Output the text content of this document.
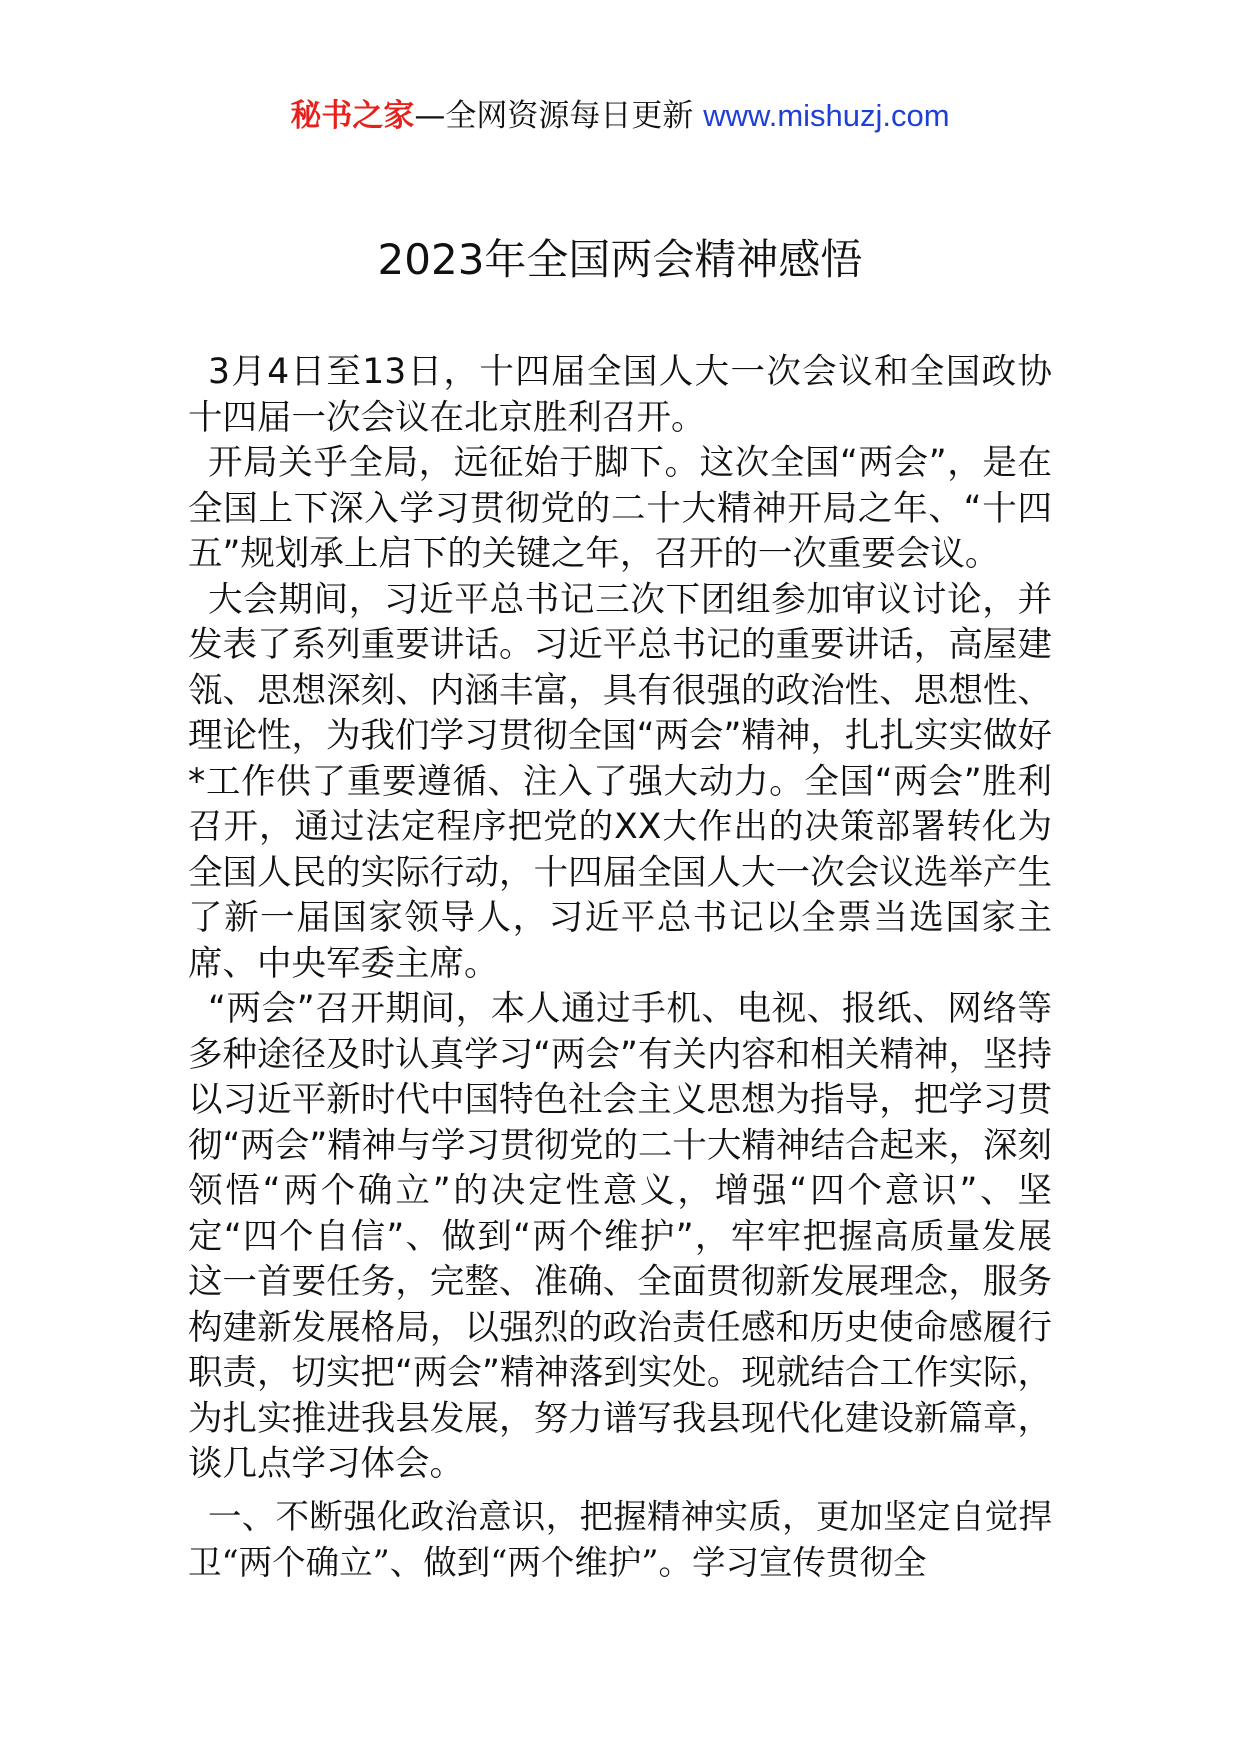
秘书之家—全网资源每日更新 www.mishuzj.com
2023年全国两会精神感悟

3月4日至13日，十四届全国人大一次会议和全国政协十四届一次会议在北京胜利召开。

开局关乎全局，远征始于脚下。这次全国“两会”，是在全国上下深入学习贯彻党的二十大精神开局之年、“十四五”规划承上启下的关键之年，召开的一次重要会议。

大会期间，习近平总书记三次下团组参加审议讨论，并发表了系列重要讲话。习近平总书记的重要讲话，高屋建瓴、思想深刻、内涵丰富，具有很强的政治性、思想性、理论性，为我们学习贯彻全国“两会”精神，扎扎实实做好*工作供了重要遵循、注入了强大动力。全国“两会”胜利召开，通过法定程序把党的XX大作出的决策部署转化为全国人民的实际行动，十四届全国人大一次会议选举产生了新一届国家领导人，习近平总书记以全票当选国家主席、中央军委主席。

“两会”召开期间，本人通过手机、电视、报纸、网络等多种途径及时认真学习“两会”有关内容和相关精神，坚持以习近平新时代中国特色社会主义思想为指导，把学习贯彻“两会”精神与学习贯彻党的二十大精神结合起来，深刻领悟“两个确立”的决定性意义，增强“四个意识”、坚定“四个自信”、做到“两个维护”，牢牢把握高质量发展这一首要任务，完整、准确、全面贯彻新发展理念，服务构建新发展格局，以强烈的政治责任感和历史使命感履行职责，切实把“两会”精神落到实处。现就结合工作实际，为扎实推进我县发展，努力谱写我县现代化建设新篇章，谈几点学习体会。

一、不断强化政治意识，把握精神实质，更加坚定自觉捍卫“两个确立”、做到“两个维护”。学习宣传贯彻全
